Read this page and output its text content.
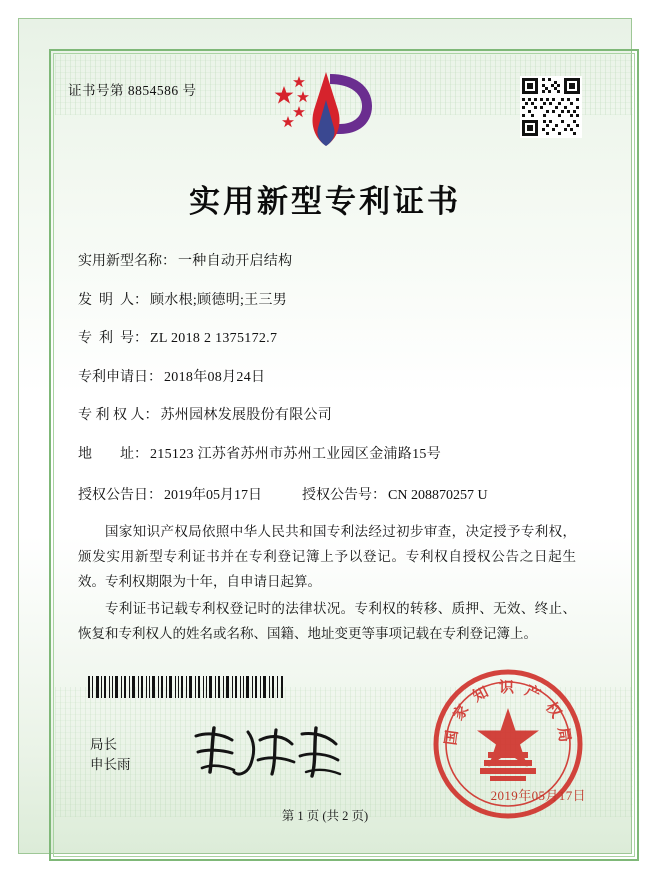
证书号第 8854586 号
实用新型专利证书
实用新型名称： 一种自动开启结构
发  明  人： 顾水根;顾德明;王三男
专  利  号： ZL 2018 2 1375172.7
专利申请日： 2018年08月24日
专 利 权 人： 苏州园林发展股份有限公司
地        址： 215123 江苏省苏州市苏州工业园区金浦路15号
授权公告日： 2019年05月17日	授权公告号： CN 208870257 U

国家知识产权局依照中华人民共和国专利法经过初步审查，决定授予专利权，颁发实用新型专利证书并在专利登记簿上予以登记。专利权自授权公告之日起生效。专利权期限为十年，自申请日起算。

专利证书记载专利权登记时的法律状况。专利权的转移、质押、无效、终止、恢复和专利权人的姓名或名称、国籍、地址变更等事项记载在专利登记簿上。

局长
申长雨
国 家 知 识 产 权 局
2019年05月17日
第 1 页 (共 2 页)
